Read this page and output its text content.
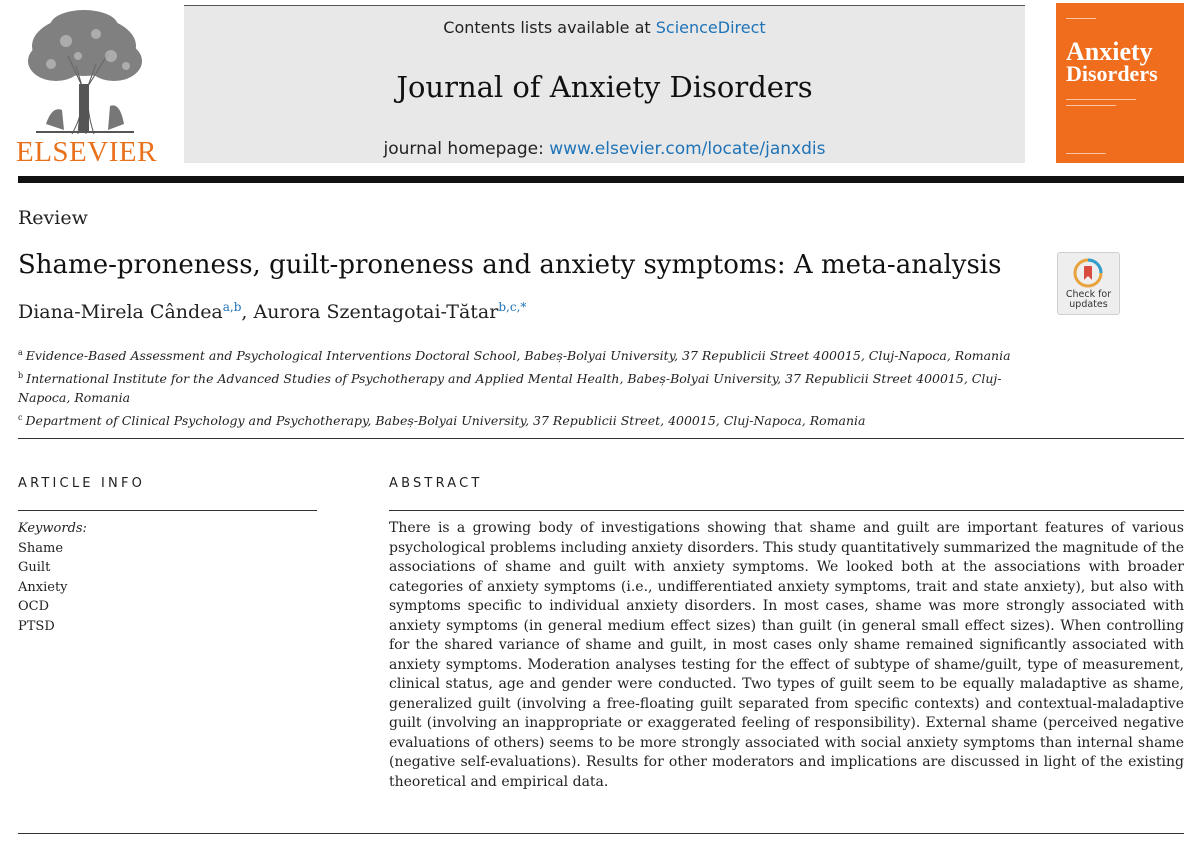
ELSEVIER
Contents lists available at ScienceDirect
Journal of Anxiety Disorders
journal homepage: www.elsevier.com/locate/janxdis
Anxiety
Disorders
Review
Shame-proneness, guilt-proneness and anxiety symptoms: A meta-analysis
Check for
updates
Diana-Mirela Cândea$^{a,b}$, Aurora Szentagotai-Tătar$^{b,c,*}$
$^a$ Evidence-Based Assessment and Psychological Interventions Doctoral School, Babeș-Bolyai University, 37 Republicii Street 400015, Cluj-Napoca, Romania
$^b$ International Institute for the Advanced Studies of Psychotherapy and Applied Mental Health, Babeș-Bolyai University, 37 Republicii Street 400015, Cluj-Napoca, Romania
$^c$ Department of Clinical Psychology and Psychotherapy, Babeș-Bolyai University, 37 Republicii Street, 400015, Cluj-Napoca, Romania
ARTICLE INFO
Keywords:
Shame
Guilt
Anxiety
OCD
PTSD
ABSTRACT

There is a growing body of investigations showing that shame and guilt are important features of various psychological problems including anxiety disorders. This study quantitatively summarized the magnitude of the associations of shame and guilt with anxiety symptoms. We looked both at the associations with broader categories of anxiety symptoms (i.e., undifferentiated anxiety symptoms, trait and state anxiety), but also with symptoms specific to individual anxiety disorders. In most cases, shame was more strongly associated with anxiety symptoms (in general medium effect sizes) than guilt (in general small effect sizes). When controlling for the shared variance of shame and guilt, in most cases only shame remained significantly associated with anxiety symptoms. Moderation analyses testing for the effect of subtype of shame/guilt, type of measurement, clinical status, age and gender were conducted. Two types of guilt seem to be equally maladaptive as shame, generalized guilt (involving a free-floating guilt separated from specific contexts) and contextual-maladaptive guilt (involving an inappropriate or exaggerated feeling of responsibility). External shame (perceived negative evaluations of others) seems to be more strongly associated with social anxiety symptoms than internal shame (negative self-evaluations). Results for other moderators and implications are discussed in light of the existing theoretical and empirical data.
